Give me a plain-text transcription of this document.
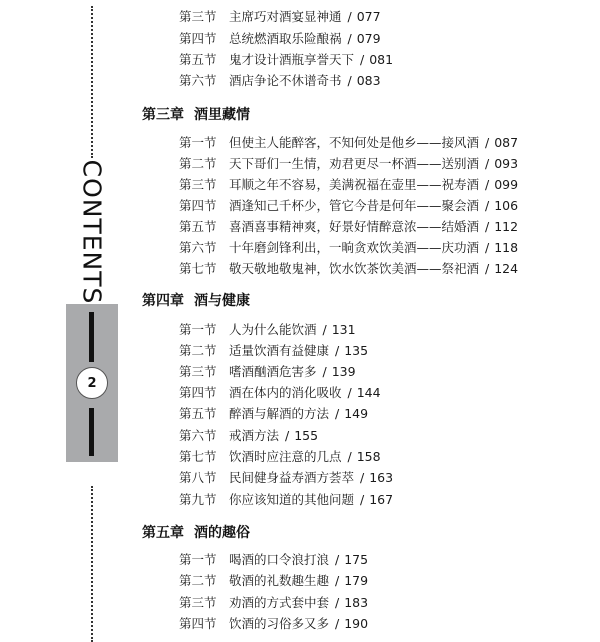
CONTENTS
2
第三节 主席巧对酒宴显神通 / 077
第四节 总统燃酒取乐险酿祸 / 079
第五节 鬼才设计酒瓶享誉天下 / 081
第六节 酒店争论不休谱奇书 / 083
第三章 酒里藏情
第一节 但使主人能醉客，不知何处是他乡——接风酒 / 087
第二节 天下哥们一生情，劝君更尽一杯酒——送别酒 / 093
第三节 耳顺之年不容易，美满祝福在壶里——祝寿酒 / 099
第四节 酒逢知己千杯少，管它今昔是何年——聚会酒 / 106
第五节 喜酒喜事精神爽，好景好情醉意浓——结婚酒 / 112
第六节 十年磨剑锋利出，一晌贪欢饮美酒——庆功酒 / 118
第七节 敬天敬地敬鬼神，饮水饮茶饮美酒——祭祀酒 / 124
第四章 酒与健康
第一节 人为什么能饮酒 / 131
第二节 适量饮酒有益健康 / 135
第三节 嗜酒酗酒危害多 / 139
第四节 酒在体内的消化吸收 / 144
第五节 醉酒与解酒的方法 / 149
第六节 戒酒方法 / 155
第七节 饮酒时应注意的几点 / 158
第八节 民间健身益寿酒方荟萃 / 163
第九节 你应该知道的其他问题 / 167
第五章 酒的趣俗
第一节 喝酒的口令浪打浪 / 175
第二节 敬酒的礼数趣生趣 / 179
第三节 劝酒的方式套中套 / 183
第四节 饮酒的习俗多又多 / 190
